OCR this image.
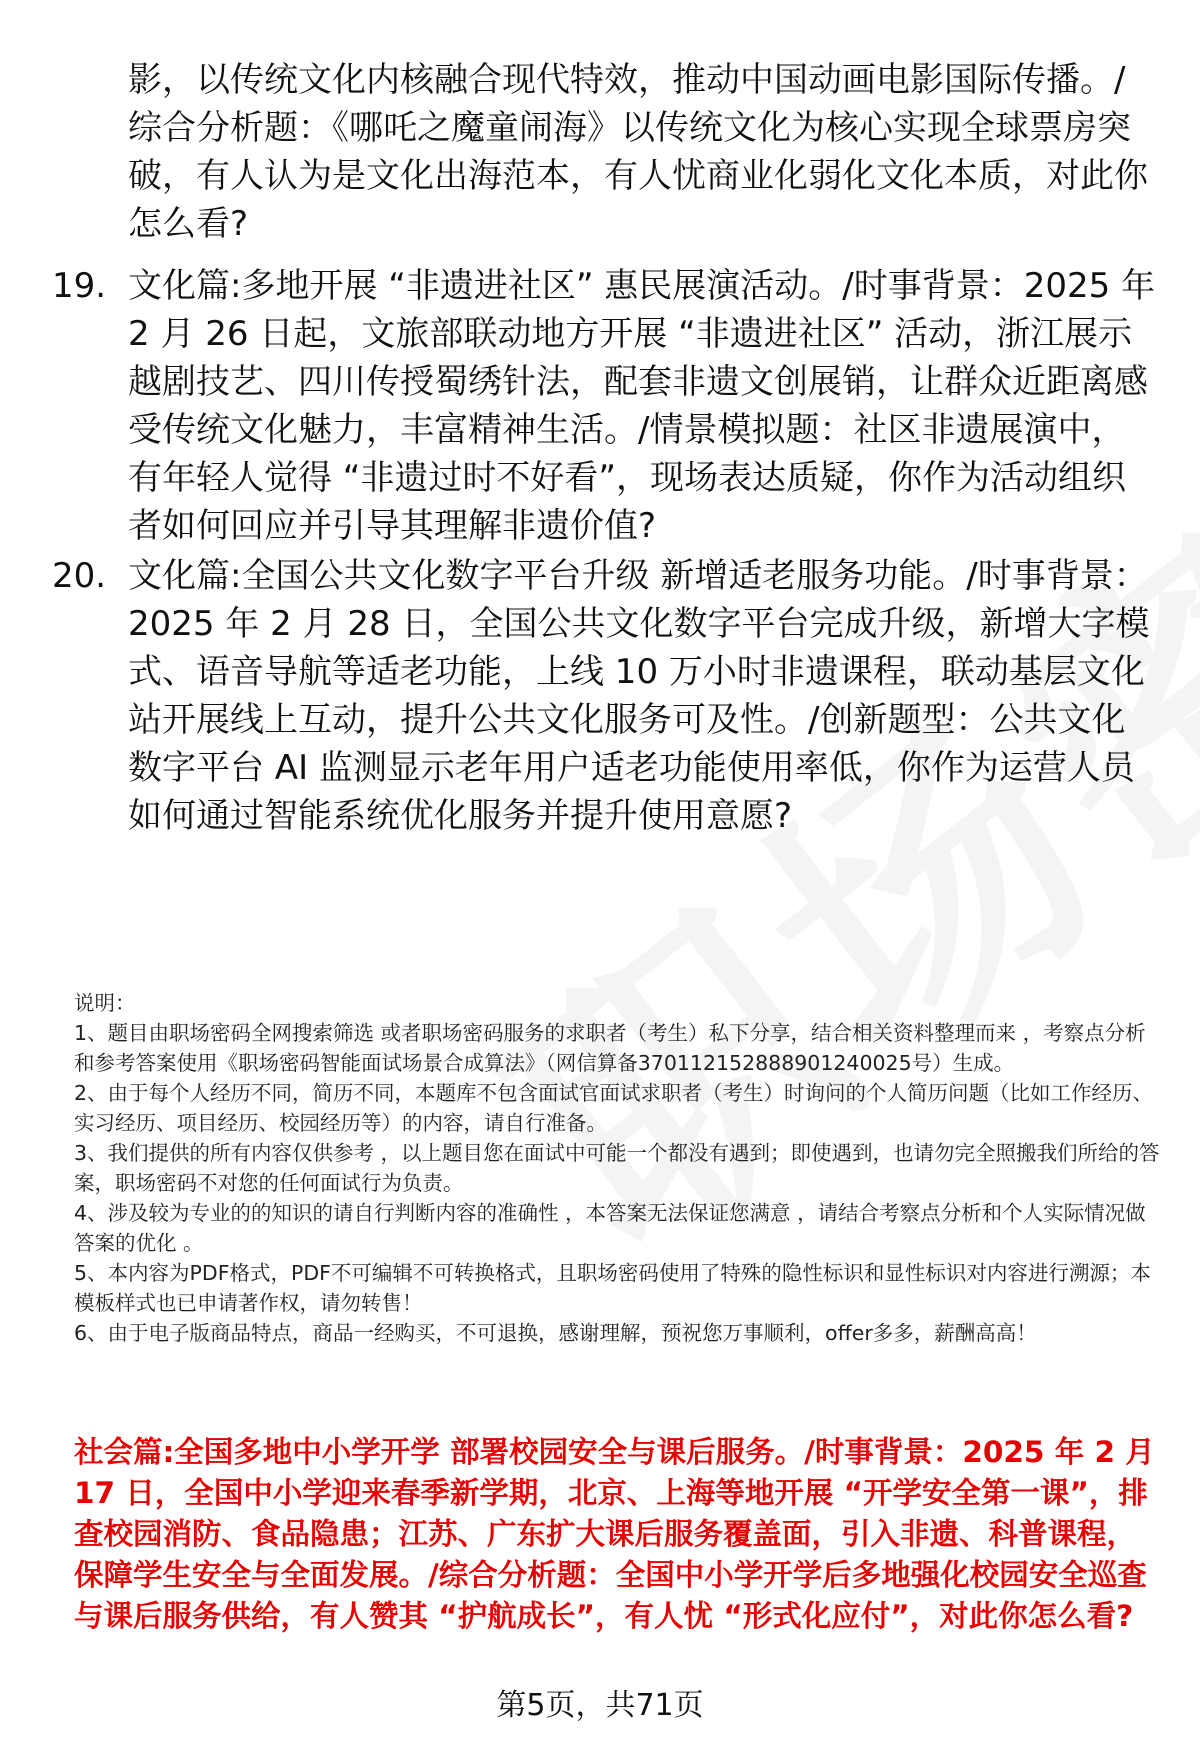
影，以传统文化内核融合现代特效，推动中国动画电影国际传播。/综合分析题：《哪吒之魔童闹海》以传统文化为核心实现全球票房突破，有人认为是文化出海范本，有人忧商业化弱化文化本质，对此你怎么看?
19. 文化篇:多地开展 “非遗进社区” 惠民展演活动。/时事背景：2025 年 2 月 26 日起，文旅部联动地方开展 “非遗进社区” 活动，浙江展示越剧技艺、四川传授蜀绣针法，配套非遗文创展销，让群众近距离感受传统文化魅力，丰富精神生活。/情景模拟题：社区非遗展演中，有年轻人觉得 “非遗过时不好看”，现场表达质疑，你作为活动组织者如何回应并引导其理解非遗价值?
20. 文化篇:全国公共文化数字平台升级 新增适老服务功能。/时事背景：2025 年 2 月 28 日，全国公共文化数字平台完成升级，新增大字模式、语音导航等适老功能，上线 10 万小时非遗课程，联动基层文化站开展线上互动，提升公共文化服务可及性。/创新题型：公共文化数字平台 AI 监测显示老年用户适老功能使用率低，你作为运营人员如何通过智能系统优化服务并提升使用意愿?

说明：

1、题目由职场密码全网搜索筛选 或者职场密码服务的求职者（考生）私下分享，结合相关资料整理而来 ，考察点分析和参考答案使用《职场密码智能面试场景合成算法》（网信算备370112152888901240025号）生成。

2、由于每个人经历不同，简历不同，本题库不包含面试官面试求职者（考生）时询问的个人简历问题（比如工作经历、实习经历、项目经历、校园经历等）的内容，请自行准备。

3、我们提供的所有内容仅供参考 ，以上题目您在面试中可能一个都没有遇到；即使遇到，也请勿完全照搬我们所给的答案，职场密码不对您的任何面试行为负责。

4、涉及较为专业的的知识的请自行判断内容的准确性 ，本答案无法保证您满意 ，请结合考察点分析和个人实际情况做答案的优化 。

5、本内容为PDF格式，PDF不可编辑不可转换格式，且职场密码使用了特殊的隐性标识和显性标识对内容进行溯源；本模板样式也已申请著作权，请勿转售！

6、由于电子版商品特点，商品一经购买，不可退换，感谢理解，预祝您万事顺利，offer多多，薪酬高高！

社会篇:全国多地中小学开学 部署校园安全与课后服务。/时事背景：2025 年 2 月 17 日，全国中小学迎来春季新学期，北京、上海等地开展 “开学安全第一课”，排查校园消防、食品隐患；江苏、广东扩大课后服务覆盖面，引入非遗、科普课程，保障学生安全与全面发展。/综合分析题：全国中小学开学后多地强化校园安全巡查与课后服务供给，有人赞其 “护航成长”，有人忧 “形式化应付”，对此你怎么看?
第5页，共71页
